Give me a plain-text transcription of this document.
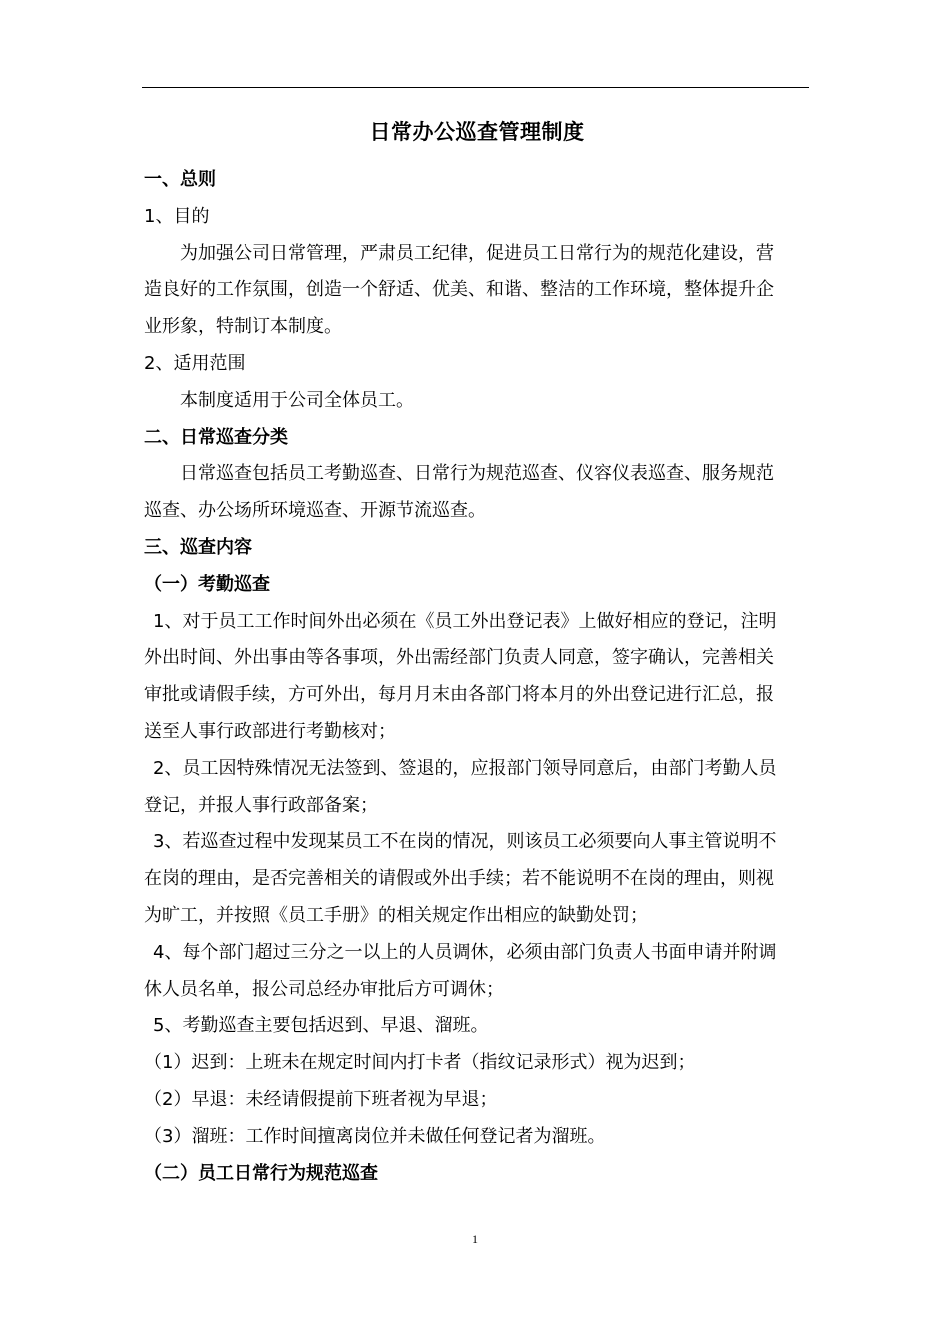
日常办公巡查管理制度
一、总则
1、目的
为加强公司日常管理，严肃员工纪律，促进员工日常行为的规范化建设，营
造良好的工作氛围，创造一个舒适、优美、和谐、整洁的工作环境，整体提升企
业形象，特制订本制度。
2、适用范围
本制度适用于公司全体员工。
二、日常巡查分类
日常巡查包括员工考勤巡查、日常行为规范巡查、仪容仪表巡查、服务规范
巡查、办公场所环境巡查、开源节流巡查。
三、巡查内容
（一）考勤巡查
1、对于员工工作时间外出必须在《员工外出登记表》上做好相应的登记，注明
外出时间、外出事由等各事项，外出需经部门负责人同意，签字确认，完善相关
审批或请假手续，方可外出，每月月末由各部门将本月的外出登记进行汇总，报
送至人事行政部进行考勤核对；
2、员工因特殊情况无法签到、签退的，应报部门领导同意后，由部门考勤人员
登记，并报人事行政部备案；
3、若巡查过程中发现某员工不在岗的情况，则该员工必须要向人事主管说明不
在岗的理由，是否完善相关的请假或外出手续；若不能说明不在岗的理由，则视
为旷工，并按照《员工手册》的相关规定作出相应的缺勤处罚；
4、每个部门超过三分之一以上的人员调休，必须由部门负责人书面申请并附调
休人员名单，报公司总经办审批后方可调休；
5、考勤巡查主要包括迟到、早退、溜班。
（1）迟到：上班未在规定时间内打卡者（指纹记录形式）视为迟到；
（2）早退：未经请假提前下班者视为早退；
（3）溜班：工作时间擅离岗位并未做任何登记者为溜班。
（二）员工日常行为规范巡查
1
